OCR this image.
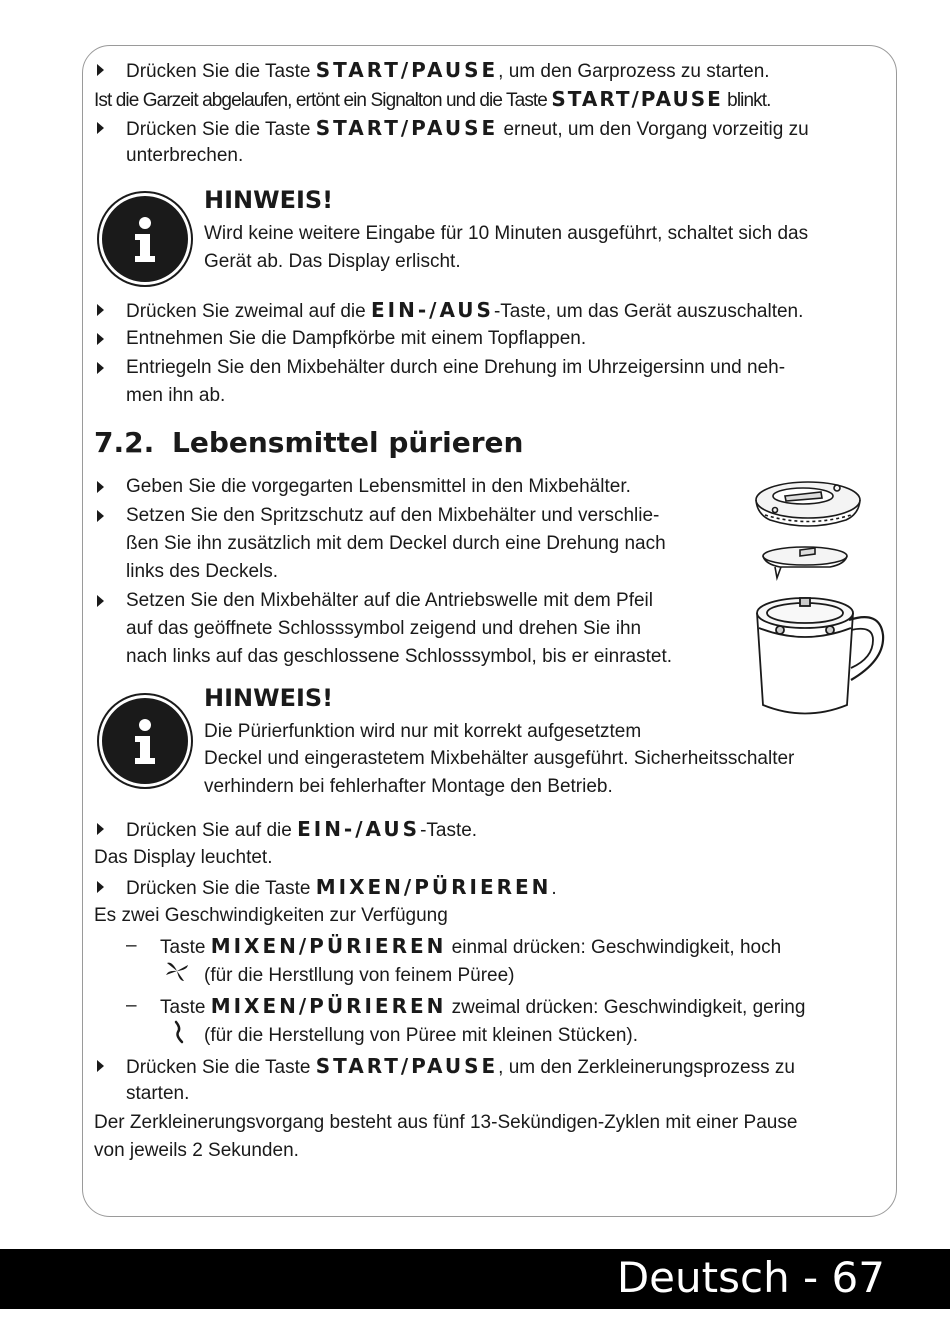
Drücken Sie die Taste START/PAUSE, um den Garprozess zu starten.
Ist die Garzeit abgelaufen, ertönt ein Signalton und die Taste START/PAUSE blinkt.
Drücken Sie die Taste START/PAUSE erneut, um den Vorgang vorzeitig zu
unterbrechen.
HINWEIS!
Wird keine weitere Eingabe für 10 Minuten ausgeführt, schaltet sich das
Gerät ab. Das Display erlischt.
Drücken Sie zweimal auf die EIN-/AUS-Taste, um das Gerät auszuschalten.
Entnehmen Sie die Dampfkörbe mit einem Topflappen.
Entriegeln Sie den Mixbehälter durch eine Drehung im Uhrzeigersinn und neh-
men ihn ab.
7.2. Lebensmittel pürieren
Geben Sie die vorgegarten Lebensmittel in den Mixbehälter.
Setzen Sie den Spritzschutz auf den Mixbehälter und verschlie-
ßen Sie ihn zusätzlich mit dem Deckel durch eine Drehung nach
links des Deckels.
Setzen Sie den Mixbehälter auf die Antriebswelle mit dem Pfeil
auf das geöffnete Schlosssymbol zeigend und drehen Sie ihn
nach links auf das geschlossene Schlosssymbol, bis er einrastet.
HINWEIS!
Die Pürierfunktion wird nur mit korrekt aufgesetztem
Deckel und eingerastetem Mixbehälter ausgeführt. Sicherheitsschalter
verhindern bei fehlerhafter Montage den Betrieb.
Drücken Sie auf die EIN-/AUS-Taste.
Das Display leuchtet.
Drücken Sie die Taste MIXEN/PÜRIEREN.
Es zwei Geschwindigkeiten zur Verfügung
– Taste MIXEN/PÜRIEREN einmal drücken: Geschwindigkeit, hoch
(für die Herstllung von feinem Püree)
– Taste MIXEN/PÜRIEREN zweimal drücken: Geschwindigkeit, gering
(für die Herstellung von Püree mit kleinen Stücken).
Drücken Sie die Taste START/PAUSE, um den Zerkleinerungsprozess zu
starten.
Der Zerkleinerungsvorgang besteht aus fünf 13-Sekündigen-Zyklen mit einer Pause
von jeweils 2 Sekunden.
Deutsch - 67
